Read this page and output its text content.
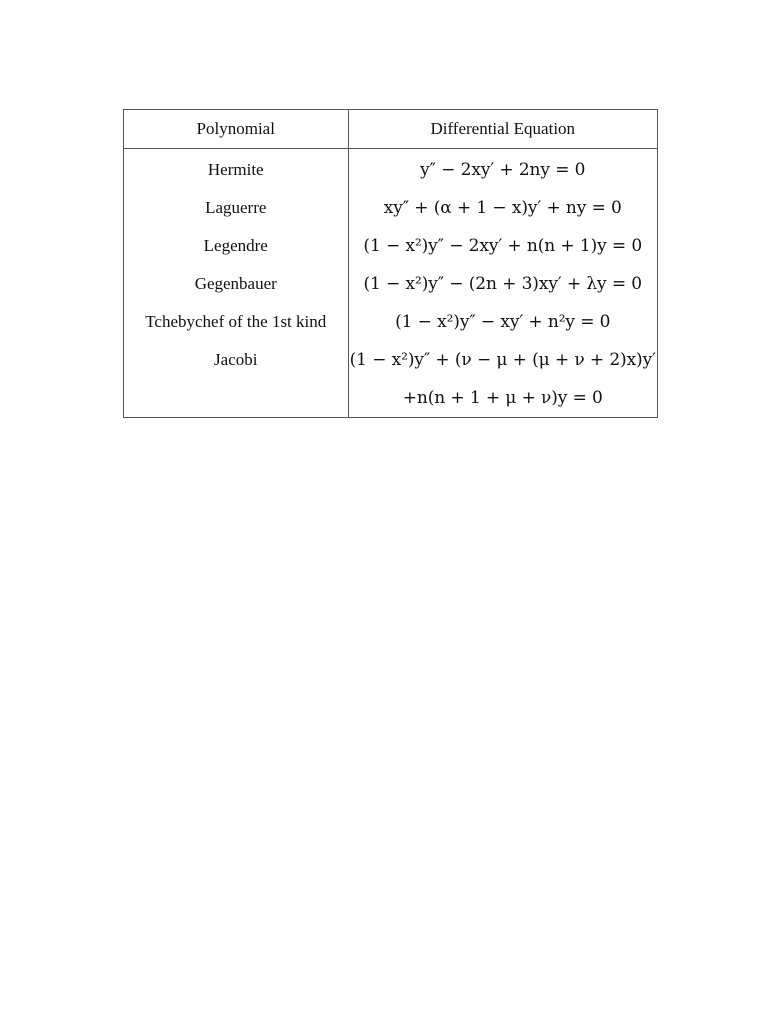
Polynomial	Differential Equation
Hermite	y″ − 2xy′ + 2ny = 0
Laguerre	xy″ + (α + 1 − x)y′ + ny = 0
Legendre	(1 − x²)y″ − 2xy′ + n(n + 1)y = 0
Gegenbauer	(1 − x²)y″ − (2n + 3)xy′ + λy = 0
Tchebychef of the 1st kind	(1 − x²)y″ − xy′ + n²y = 0
Jacobi	(1 − x²)y″ + (ν − μ + (μ + ν + 2)x)y′
	+n(n + 1 + μ + ν)y = 0
